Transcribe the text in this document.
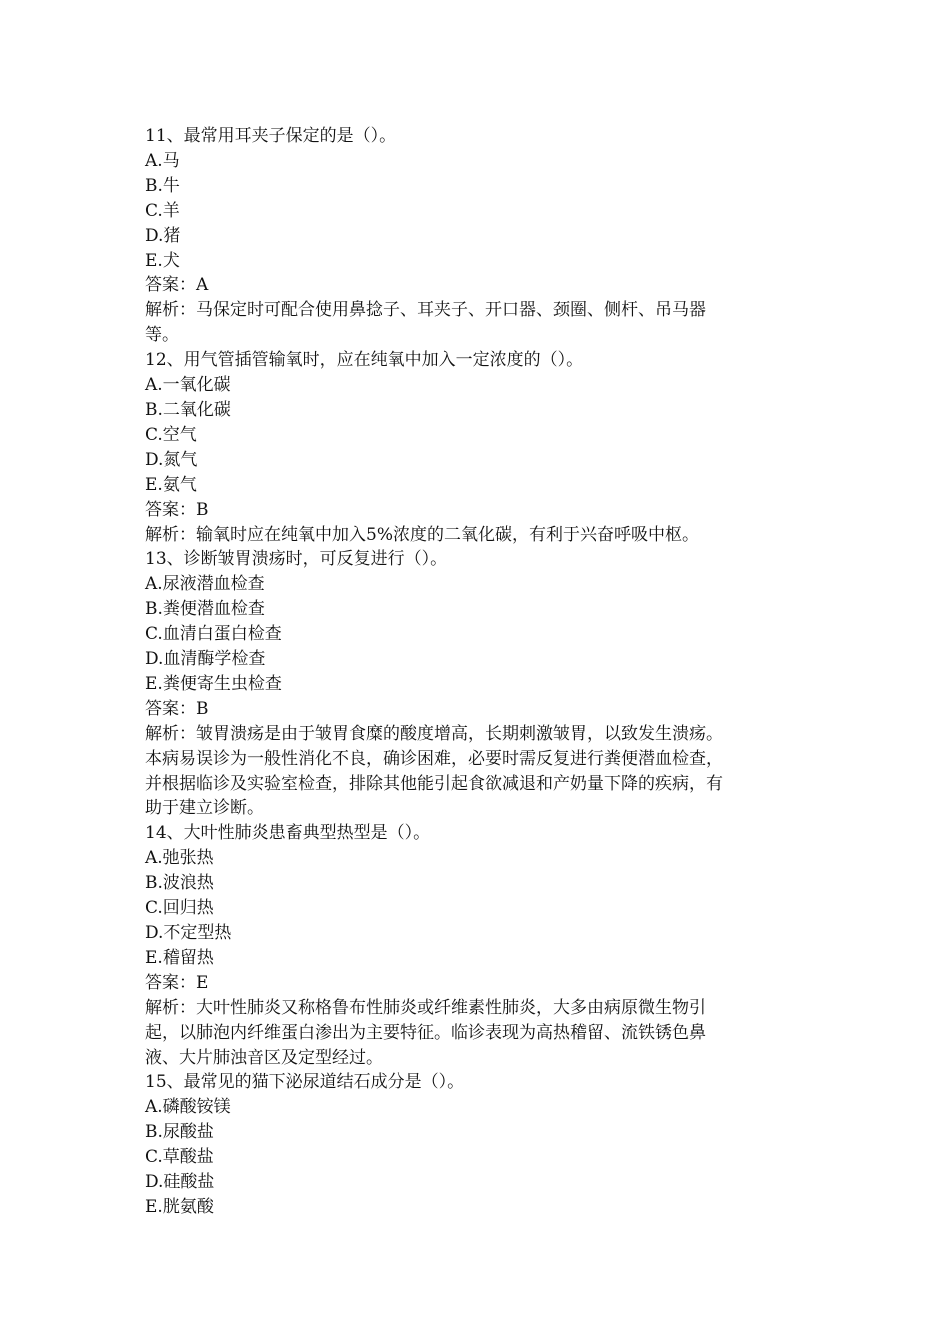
11、最常用耳夹子保定的是（）。
A.马
B.牛
C.羊
D.猪
E.犬
答案：A
解析：马保定时可配合使用鼻捻子、耳夹子、开口器、颈圈、侧杆、吊马器
等。
12、用气管插管输氧时，应在纯氧中加入一定浓度的（）。
A.一氧化碳
B.二氧化碳
C.空气
D.氮气
E.氨气
答案：B
解析：输氧时应在纯氧中加入5%浓度的二氧化碳，有利于兴奋呼吸中枢。
13、诊断皱胃溃疡时，可反复进行（）。
A.尿液潜血检查
B.粪便潜血检查
C.血清白蛋白检查
D.血清酶学检查
E.粪便寄生虫检查
答案：B
解析：皱胃溃疡是由于皱胃食糜的酸度增高，长期刺激皱胃，以致发生溃疡。
本病易误诊为一般性消化不良，确诊困难，必要时需反复进行粪便潜血检查，
并根据临诊及实验室检查，排除其他能引起食欲减退和产奶量下降的疾病，有
助于建立诊断。
14、大叶性肺炎患畜典型热型是（）。
A.弛张热
B.波浪热
C.回归热
D.不定型热
E.稽留热
答案：E
解析：大叶性肺炎又称格鲁布性肺炎或纤维素性肺炎，大多由病原微生物引
起，以肺泡内纤维蛋白渗出为主要特征。临诊表现为高热稽留、流铁锈色鼻
液、大片肺浊音区及定型经过。
15、最常见的猫下泌尿道结石成分是（）。
A.磷酸铵镁
B.尿酸盐
C.草酸盐
D.硅酸盐
E.胱氨酸
